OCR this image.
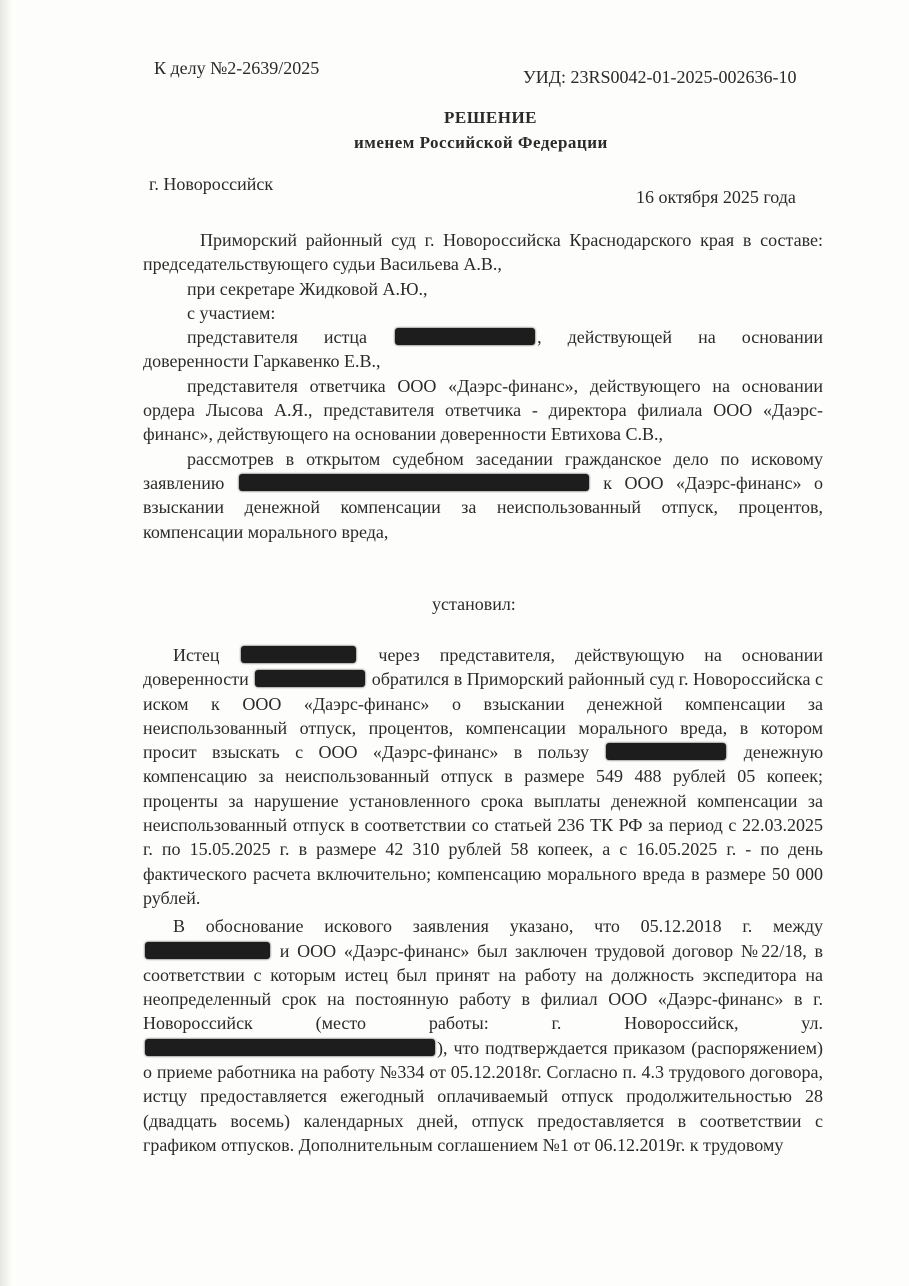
К делу №2-2639/2025	УИД: 23RS0042-01-2025-002636-10
РЕШЕНИЕ
именем Российской Федерации
г. Новороссийск
16 октября 2025 года

Приморский районный суд г. Новороссийска Краснодарского края в составе: председательствующего судьи Васильева А.В.,

при секретаре Жидковой А.Ю.,

с участием:

представителя истца	, действующей на основании доверенности Гаркавенко Е.В.,

представителя ответчика ООО «Даэрс-финанс», действующего на основании ордера Лысова А.Я., представителя ответчика - директора филиала ООО «Даэрс-финанс», действующего на основании доверенности Евтихова С.В.,

рассмотрев в открытом судебном заседании гражданское дело по исковому заявлению	к ООО «Даэрс-финанс» о взыскании денежной компенсации за неиспользованный отпуск, процентов, компенсации морального вреда,

установил:

Истец	через представителя, действующую на основании доверенности	обратился в Приморский районный суд г. Новороссийска с иском к ООО «Даэрс-финанс» о взыскании денежной компенсации за неиспользованный отпуск, процентов, компенсации морального вреда, в котором просит взыскать с ООО «Даэрс-финанс» в пользу	денежную компенсацию за неиспользованный отпуск в размере 549 488 рублей 05 копеек; проценты за нарушение установленного срока выплаты денежной компенсации за неиспользованный отпуск в соответствии со статьей 236 ТК РФ за период с 22.03.2025 г. по 15.05.2025 г. в размере 42 310 рублей 58 копеек, а с 16.05.2025 г. - по день фактического расчета включительно; компенсацию морального вреда в размере 50 000 рублей.

В обоснование искового заявления указано, что 05.12.2018 г. между  и ООО «Даэрс-финанс» был заключен трудовой договор №22/18, в соответствии с которым истец был принят на работу на должность экспедитора на неопределенный срок на постоянную работу в филиал ООО «Даэрс-финанс» в г. Новороссийск (место работы: г. Новороссийск, ул. ), что подтверждается приказом (распоряжением) о приеме работника на работу №334 от 05.12.2018г. Согласно п. 4.3 трудового договора, истцу предоставляется ежегодный оплачиваемый отпуск продолжительностью 28 (двадцать восемь) календарных дней, отпуск предоставляется в соответствии с графиком отпусков. Дополнительным соглашением №1 от 06.12.2019г. к трудовому
